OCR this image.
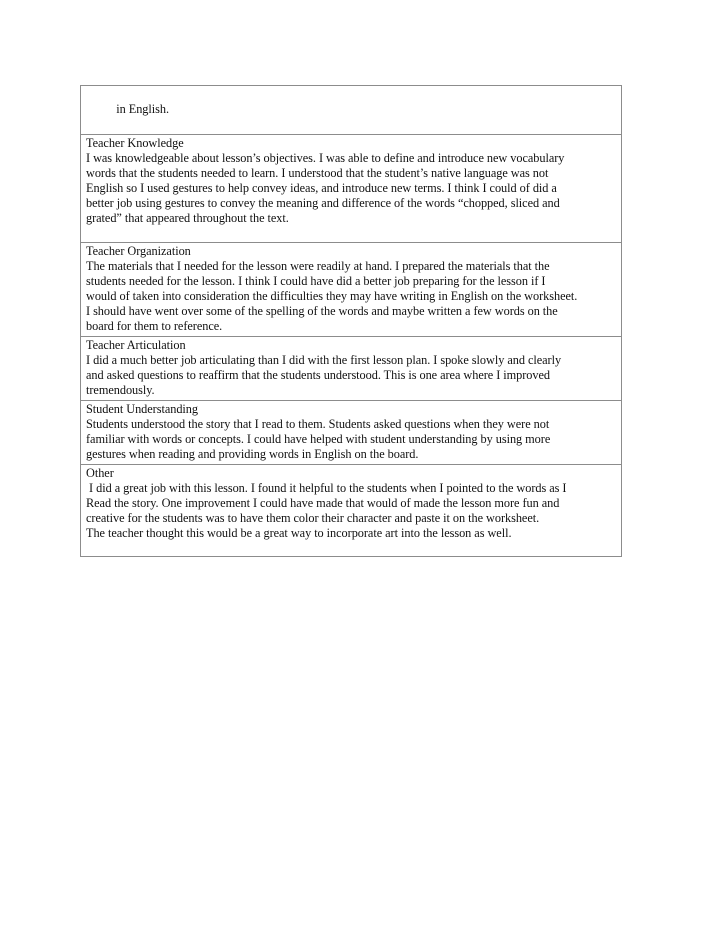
in English.

Teacher Knowledge
I was knowledgeable about lesson’s objectives. I was able to define and introduce new vocabulary
words that the students needed to learn. I understood that the student’s native language was not
English so I used gestures to help convey ideas, and introduce new terms. I think I could of did a
better job using gestures to convey the meaning and difference of the words “chopped, sliced and
grated” that appeared throughout the text.

Teacher Organization
The materials that I needed for the lesson were readily at hand. I prepared the materials that the
students needed for the lesson. I think I could have did a better job preparing for the lesson if I
would of taken into consideration the difficulties they may have writing in English on the worksheet.
I should have went over some of the spelling of the words and maybe written a few words on the
board for them to reference.

Teacher Articulation
I did a much better job articulating than I did with the first lesson plan. I spoke slowly and clearly
and asked questions to reaffirm that the students understood. This is one area where I improved
tremendously.

Student Understanding
Students understood the story that I read to them. Students asked questions when they were not
familiar with words or concepts. I could have helped with student understanding by using more
gestures when reading and providing words in English on the board.

Other
I did a great job with this lesson. I found it helpful to the students when I pointed to the words as I
Read the story. One improvement I could have made that would of made the lesson more fun and
creative for the students was to have them color their character and paste it on the worksheet.
The teacher thought this would be a great way to incorporate art into the lesson as well.
